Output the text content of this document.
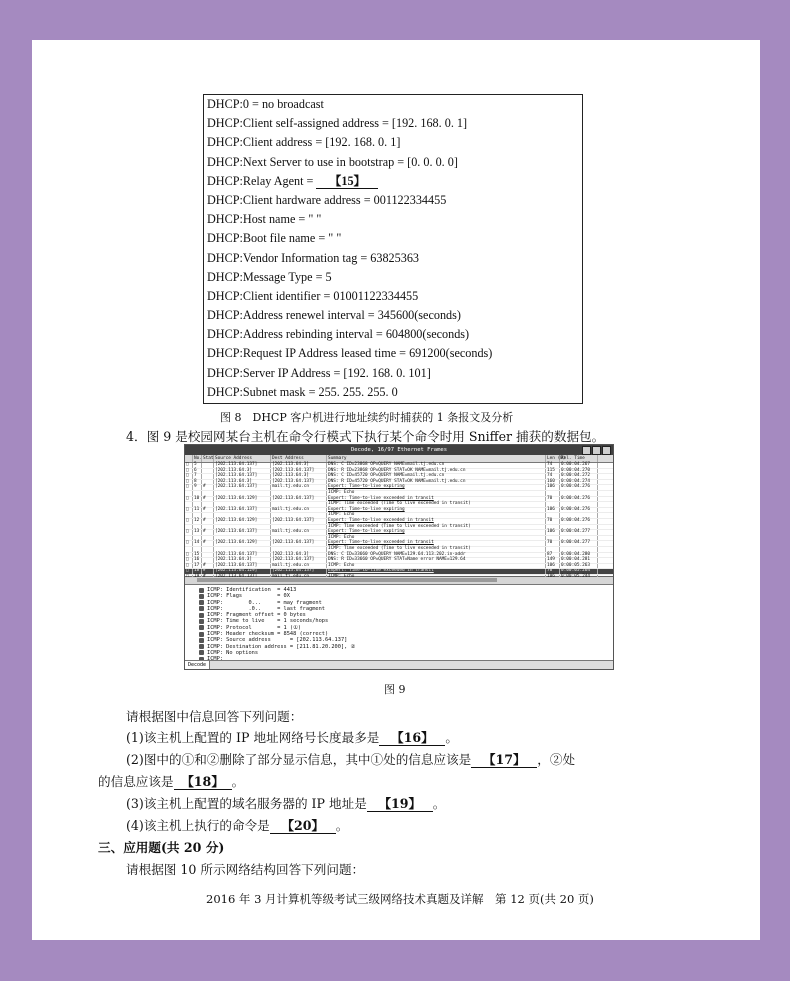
DHCP:0 = no broadcast
DHCP:Client self-assigned address = [192. 168. 0. 1]
DHCP:Client address = [192. 168. 0. 1]
DHCP:Next Server to use in bootstrap = [0. 0. 0. 0]
DHCP:Relay Agent = 【15】
DHCP:Client hardware address = 001122334455
DHCP:Host name = " "
DHCP:Boot file name = " "
DHCP:Vendor Information tag = 63825363
DHCP:Message Type = 5
DHCP:Client identifier = 01001122334455
DHCP:Address renewel interval = 345600(seconds)
DHCP:Address rebinding interval = 604800(seconds)
DHCP:Request IP Address leased time = 691200(seconds)
DHCP:Server IP Address = [192. 168. 0. 101]
DHCP:Subnet mask = 255. 255. 255. 0
图 8　DHCP 客户机进行地址续约时捕获的 1 条报文及分析
4．图 9 是校园网某台主机在命令行模式下执行某个命令时用 Sniffer 捕获的数据包。
Decode, 16/97 Ethernet Frames
No. Stat Source Address	Dest Address	Summary	Len (B)
Rel. Time
□	5	[202.113.64.137]	[202.113.64.3]	DNS: C ID=23868 OP=QUERY NAME=mail.tj.edu.cn	74	0:00:04.267
□	6	[202.113.64.3]	[202.113.64.137]	DNS: R ID=23868 OP=QUERY STAT=OK NAME=mail.tj.edu.cn	115	0:00:04.270
□	7	[202.113.64.137]	[202.113.64.3]	DNS: C ID=45720 OP=QUERY NAME=mail.tj.edu.cn	74	0:00:04.272
□	8	[202.113.64.3]	[202.113.64.137]	DNS: R ID=45720 OP=QUERY STAT=OK NAME=mail.tj.edu.cn	160	0:00:04.274
□	9	#	[202.113.64.137]	mail.tj.edu.cn	Expert: Time-to-live expiring	106	0:00:04.276
ICMP: Echo
□	10 #	[202.113.64.129]	[202.113.64.137]	Expert: Time-to-live exceeded in transit	70	0:00:04.276
ICMP: Time exceeded (Time to live exceeded in transit)
□	11 #	[202.113.64.137]	mail.tj.edu.cn	Expert: Time-to-live expiring	106	0:00:04.276
ICMP: Echo
□	12 #	[202.113.64.129]	[202.113.64.137]	Expert: Time-to-live exceeded in transit	70	0:00:04.276
ICMP: Time exceeded (Time to live exceeded in transit)
□	13 #	[202.113.64.137]	mail.tj.edu.cn	Expert: Time-to-live expiring	106	0:00:04.277
ICMP: Echo
□	14 #	[202.113.64.129]	[202.113.64.137]	Expert: Time-to-live exceeded in transit	70	0:00:04.277
ICMP: Time exceeded (Time to live exceeded in transit)
□	15	[202.113.64.137]	[202.113.64.3]	DNS: C ID=33660 OP=QUERY NAME=129.64.113.202.in-addr	87	0:00:04.280
□	16	[202.113.64.3]	[202.113.64.137]	DNS: R ID=33660 OP=QUERY STAT=Name error NAME=129.64	149	0:00:04.281
□	17 #	[202.113.64.137]	mail.tj.edu.cn	ICMP: Echo	106	0:00:05.263
□	18 #	[202.113.64.129]	[202.113.64.137]	Expert: Time-to-live exceeded in transit	70	0:00:05.264
ICMP: Identification  = 4413
ICMP: Flags           = 0X
ICMP:        0...     = may fragment
ICMP:        .0..     = last fragment
ICMP: Fragment offset = 0 bytes
ICMP: Time to live    = 1 seconds/hops
ICMP: Protocol        = 1 (①)
ICMP: Header checksum = 8548 (correct)
ICMP: Source address      = [202.113.64.137]
ICMP: Destination address = [211.81.20.200], ②
ICMP: No options
Decode
图 9
请根据图中信息回答下列问题：
(1)该主机上配置的 IP 地址网络号长度最多是 【16】 。
(2)图中的①和②删除了部分显示信息，其中①处的信息应该是 【17】 ，②处
的信息应该是 【18】 。
(3)该主机上配置的域名服务器的 IP 地址是 【19】 。
(4)该主机上执行的命令是 【20】 。
三、应用题(共 20 分)
请根据图 10 所示网络结构回答下列问题：
2016 年 3 月计算机等级考试三级网络技术真题及详解　第 12 页(共 20 页)
